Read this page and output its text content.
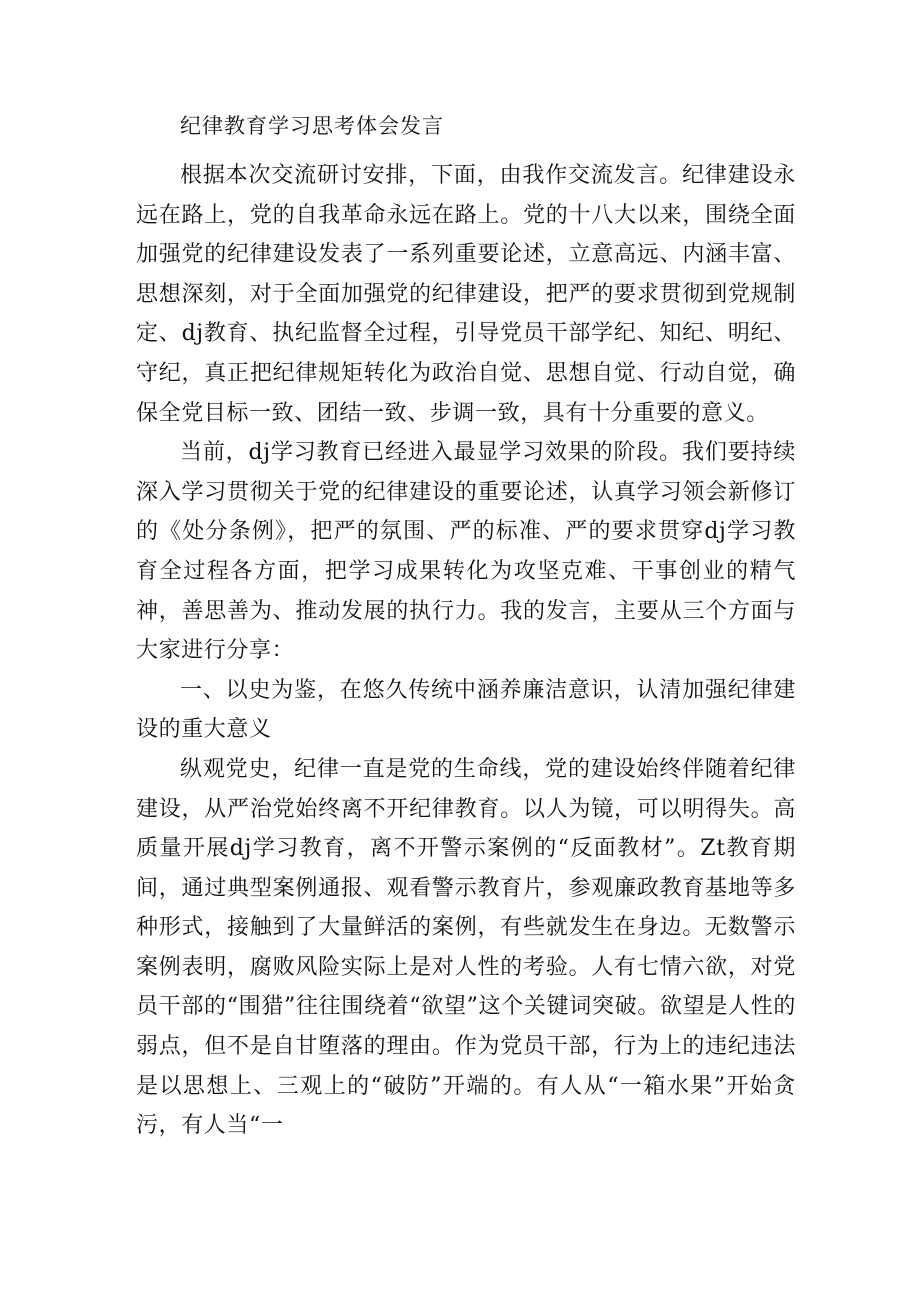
纪律教育学习思考体会发言

根据本次交流研讨安排，下面，由我作交流发言。纪律建设永远在路上，党的自我革命永远在路上。党的十八大以来，围绕全面加强党的纪律建设发表了一系列重要论述，立意高远、内涵丰富、思想深刻，对于全面加强党的纪律建设，把严的要求贯彻到党规制定、dj教育、执纪监督全过程，引导党员干部学纪、知纪、明纪、守纪，真正把纪律规矩转化为政治自觉、思想自觉、行动自觉，确保全党目标一致、团结一致、步调一致，具有十分重要的意义。

当前，dj学习教育已经进入最显学习效果的阶段。我们要持续深入学习贯彻关于党的纪律建设的重要论述，认真学习领会新修订的《处分条例》，把严的氛围、严的标准、严的要求贯穿dj学习教育全过程各方面，把学习成果转化为攻坚克难、干事创业的精气神，善思善为、推动发展的执行力。我的发言，主要从三个方面与大家进行分享：

一、以史为鉴，在悠久传统中涵养廉洁意识，认清加强纪律建设的重大意义

纵观党史，纪律一直是党的生命线，党的建设始终伴随着纪律建设，从严治党始终离不开纪律教育。以人为镜，可以明得失。高质量开展dj学习教育，离不开警示案例的“反面教材”。Zt教育期间，通过典型案例通报、观看警示教育片，参观廉政教育基地等多种形式，接触到了大量鲜活的案例，有些就发生在身边。无数警示案例表明，腐败风险实际上是对人性的考验。人有七情六欲，对党员干部的“围猎”往往围绕着“欲望”这个关键词突破。欲望是人性的弱点，但不是自甘堕落的理由。作为党员干部，行为上的违纪违法是以思想上、三观上的“破防”开端的。有人从“一箱水果”开始贪污，有人当“一
